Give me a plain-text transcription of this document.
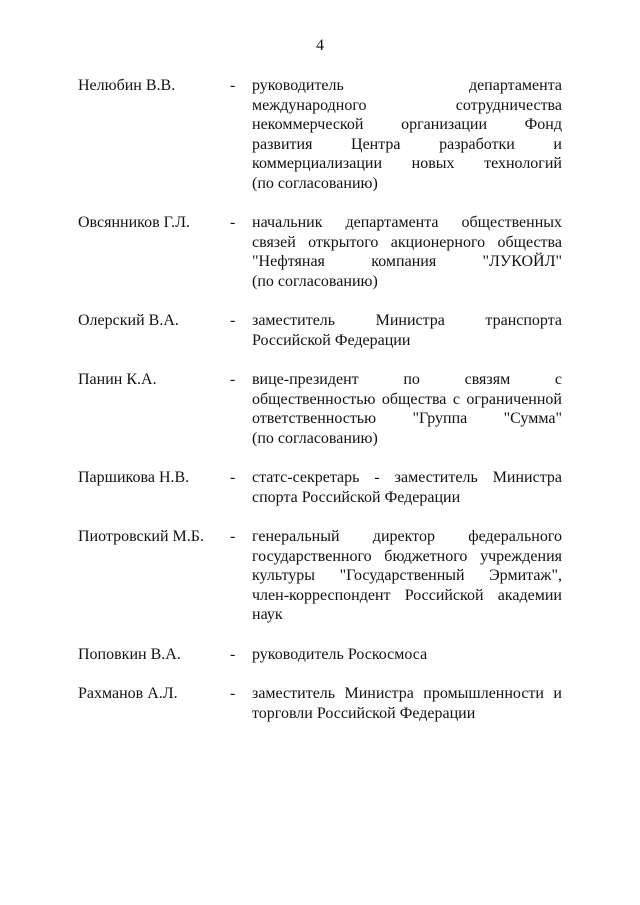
4
Нелюбин В.В.	-	руководитель департамента
международного сотрудничества
некоммерческой организации Фонд
развития Центра разработки и
коммерциализации новых технологий
(по согласованию)
Овсянников Г.Л.	-	начальник департамента общественных
связей открытого акционерного общества
"Нефтяная компания "ЛУКОЙЛ"
(по согласованию)
Олерский В.А.	-	заместитель Министра транспорта
Российской Федерации
Панин К.А.	-	вице-президент по связям с
общественностью общества с ограниченной
ответственностью "Группа "Сумма"
(по согласованию)
Паршикова Н.В.	-	статс-секретарь - заместитель Министра
спорта Российской Федерации
Пиотровский М.Б.	-	генеральный директор федерального
государственного бюджетного учреждения
культуры "Государственный Эрмитаж",
член-корреспондент Российской академии
наук
Поповкин В.А.	-	руководитель Роскосмоса
Рахманов А.Л.	-	заместитель Министра промышленности и
торговли Российской Федерации
